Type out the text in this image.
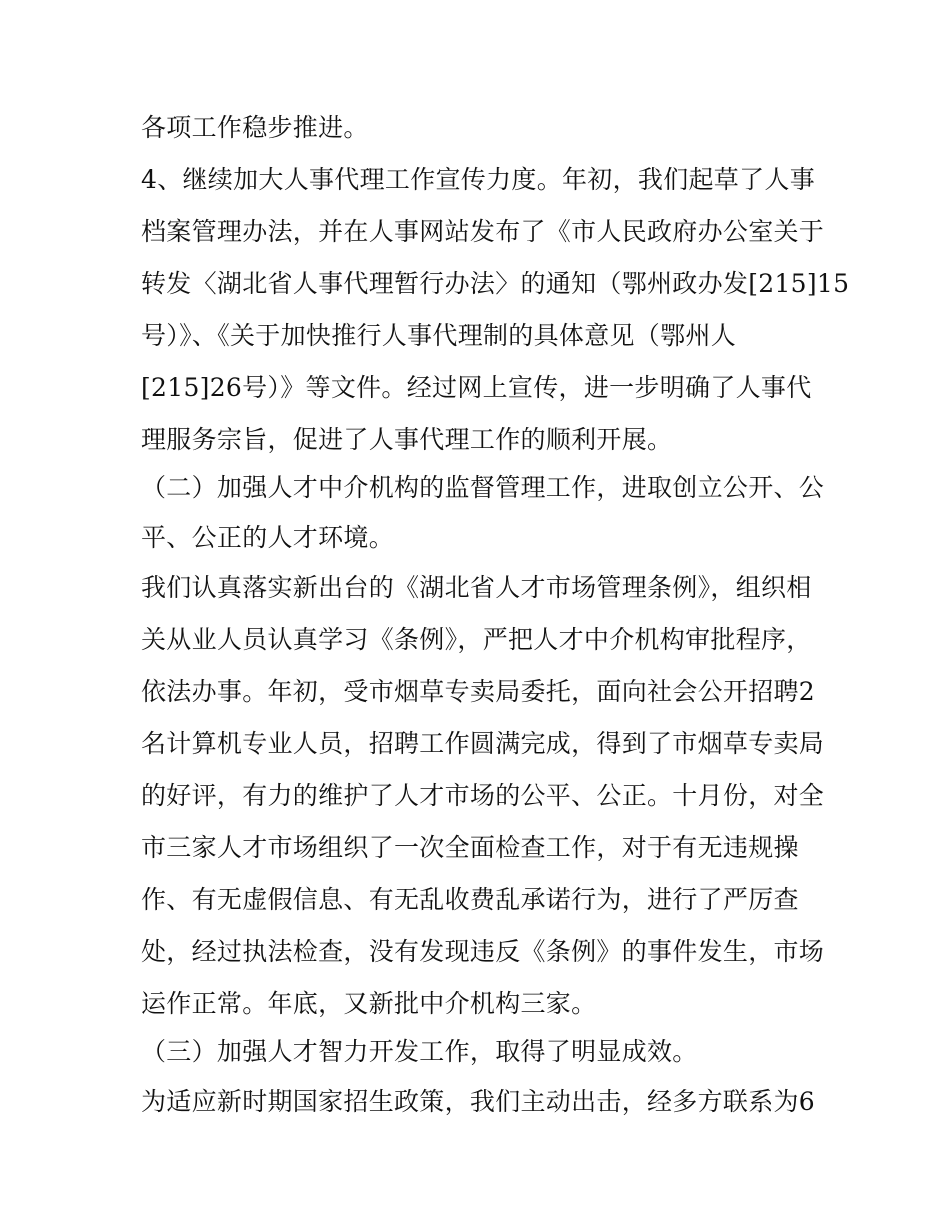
各项工作稳步推进。
4、继续加大人事代理工作宣传力度。年初，我们起草了人事
档案管理办法，并在人事网站发布了《市人民政府办公室关于
转发〈湖北省人事代理暂行办法〉的通知（鄂州政办发[215]15
号）》、《关于加快推行人事代理制的具体意见（鄂州人
[215]26号）》等文件。经过网上宣传，进一步明确了人事代
理服务宗旨，促进了人事代理工作的顺利开展。
（二）加强人才中介机构的监督管理工作，进取创立公开、公
平、公正的人才环境。
我们认真落实新出台的《湖北省人才市场管理条例》，组织相
关从业人员认真学习《条例》，严把人才中介机构审批程序，
依法办事。年初，受市烟草专卖局委托，面向社会公开招聘2
名计算机专业人员，招聘工作圆满完成，得到了市烟草专卖局
的好评，有力的维护了人才市场的公平、公正。十月份，对全
市三家人才市场组织了一次全面检查工作，对于有无违规操
作、有无虚假信息、有无乱收费乱承诺行为，进行了严厉查
处，经过执法检查，没有发现违反《条例》的事件发生，市场
运作正常。年底，又新批中介机构三家。
（三）加强人才智力开发工作，取得了明显成效。
为适应新时期国家招生政策，我们主动出击，经多方联系为6
